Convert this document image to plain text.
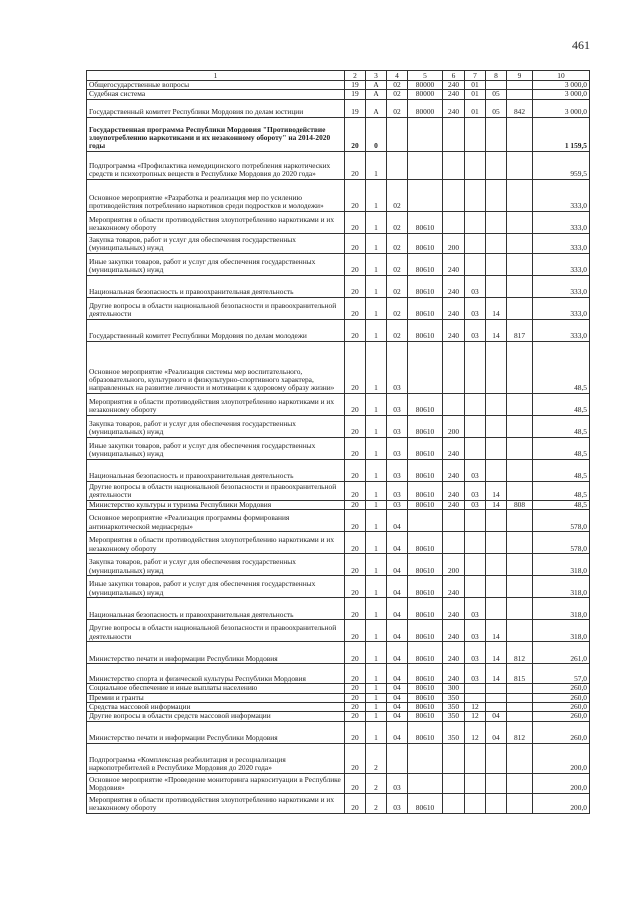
461
1	2	3	4	5	6	7	8	9	10
Общегосударственные вопросы	19	А	02	80000	240	01			3 000,0
Судебная система	19	А	02	80000	240	01	05		3 000,0
Государственный комитет Республики Мордовия по делам юстиции	19	А	02	80000	240	01	05	842	3 000,0
Государственная программа Республики Мордовия "Противодействие злоупотреблению наркотиками и их незаконному обороту" на 2014-2020 годы	20	0							1 159,5
Подпрограмма «Профилактика немедицинского потребления наркотических средств и психотропных веществ в Республике Мордовия до 2020 года»	20	1							959,5
Основное мероприятие «Разработка и реализация мер по усилению противодействия потреблению наркотиков среди подростков и молодежи»	20	1	02						333,0
Мероприятия в области противодействия злоупотреблению наркотиками и их незаконному обороту	20	1	02	80610					333,0
Закупка товаров, работ и услуг для обеспечения государственных (муниципальных) нужд	20	1	02	80610	200				333,0
Иные закупки товаров, работ и услуг для обеспечения государственных (муниципальных) нужд	20	1	02	80610	240				333,0
Национальная безопасность и правоохранительная деятельность	20	1	02	80610	240	03			333,0
Другие вопросы в области национальной безопасности и правоохранительной деятельности	20	1	02	80610	240	03	14		333,0
Государственный комитет Республики Мордовия по делам молодежи	20	1	02	80610	240	03	14	817	333,0
Основное мероприятие «Реализация системы мер воспитательного, образовательного, культурного и физкультурно-спортивного характера, направленных на развитие личности и мотивации к здоровому образу жизни»	20	1	03						48,5
Мероприятия в области противодействия злоупотреблению наркотиками и их незаконному обороту	20	1	03	80610					48,5
Закупка товаров, работ и услуг для обеспечения государственных (муниципальных) нужд	20	1	03	80610	200				48,5
Иные закупки товаров, работ и услуг для обеспечения государственных (муниципальных) нужд	20	1	03	80610	240				48,5
Национальная безопасность и правоохранительная деятельность	20	1	03	80610	240	03			48,5
Другие вопросы в области национальной безопасности и правоохранительной деятельности	20	1	03	80610	240	03	14		48,5
Министерство культуры и туризма Республики Мордовия	20	1	03	80610	240	03	14	808	48,5
Основное мероприятие «Реализация программы формирования антинаркотической медиасреды»	20	1	04						578,0
Мероприятия в области противодействия злоупотреблению наркотиками и их незаконному обороту	20	1	04	80610					578,0
Закупка товаров, работ и услуг для обеспечения государственных (муниципальных) нужд	20	1	04	80610	200				318,0
Иные закупки товаров, работ и услуг для обеспечения государственных (муниципальных) нужд	20	1	04	80610	240				318,0
Национальная безопасность и правоохранительная деятельность	20	1	04	80610	240	03			318,0
Другие вопросы в области национальной безопасности и правоохранительной деятельности	20	1	04	80610	240	03	14		318,0
Министерство печати и информации Республики Мордовия	20	1	04	80610	240	03	14	812	261,0
Министерство спорта и физической культуры Республики Мордовия	20	1	04	80610	240	03	14	815	57,0
Социальное обеспечение и иные выплаты населению	20	1	04	80610	300				260,0
Премии и гранты	20	1	04	80610	350				260,0
Средства массовой информации	20	1	04	80610	350	12			260,0
Другие вопросы в области средств массовой информации	20	1	04	80610	350	12	04		260,0
Министерство печати и информации Республики Мордовия	20	1	04	80610	350	12	04	812	260,0
Подпрограмма «Комплексная реабилитация и ресоциализация наркопотребителей в Республике Мордовия до 2020 года»	20	2							200,0
Основное мероприятие «Проведение мониторинга наркоситуации в Республике Мордовия»	20	2	03						200,0
Мероприятия в области противодействия злоупотреблению наркотиками и их незаконному обороту	20	2	03	80610					200,0
